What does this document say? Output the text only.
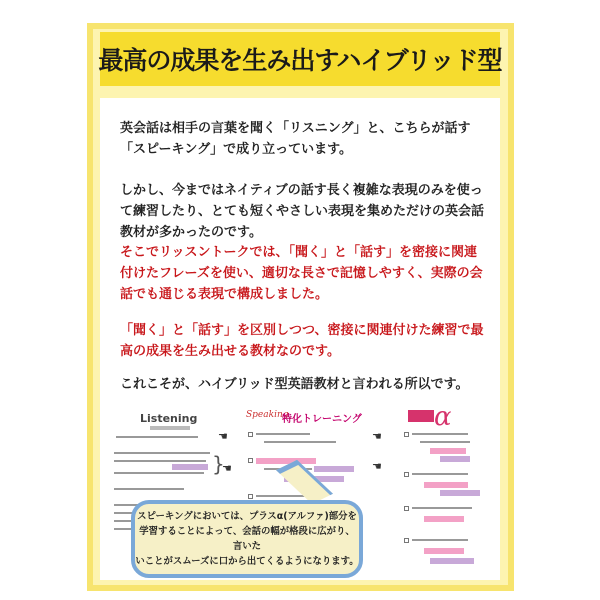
最高の成果を生み出すハイブリッド型

英会話は相手の言葉を聞く「リスニング」と、こちらが話す「スピーキング」で成り立っています。

しかし、今まではネイティブの話す長く複雑な表現のみを使って練習したり、とても短くやさしい表現を集めただけの英会話教材が多かったのです。

そこでリッスントークでは、「聞く」と「話す」を密接に関連付けたフレーズを使い、適切な長さで記憶しやすく、実際の会話でも通じる表現で構成しました。

「聞く」と「話す」を区別しつつ、密接に関連付けた練習で最高の成果を生み出せる教材なのです。

これこそが、ハイブリッド型英語教材と言われる所以です。

Listening
☚
}
☚
Speaking
特化トレーニング
☚
☚
α

スピーキングにおいては、プラスα(アルファ)部分を
学習することによって、会話の幅が格段に広がり、言いた
いことがスムーズに口から出てくるようになります。
